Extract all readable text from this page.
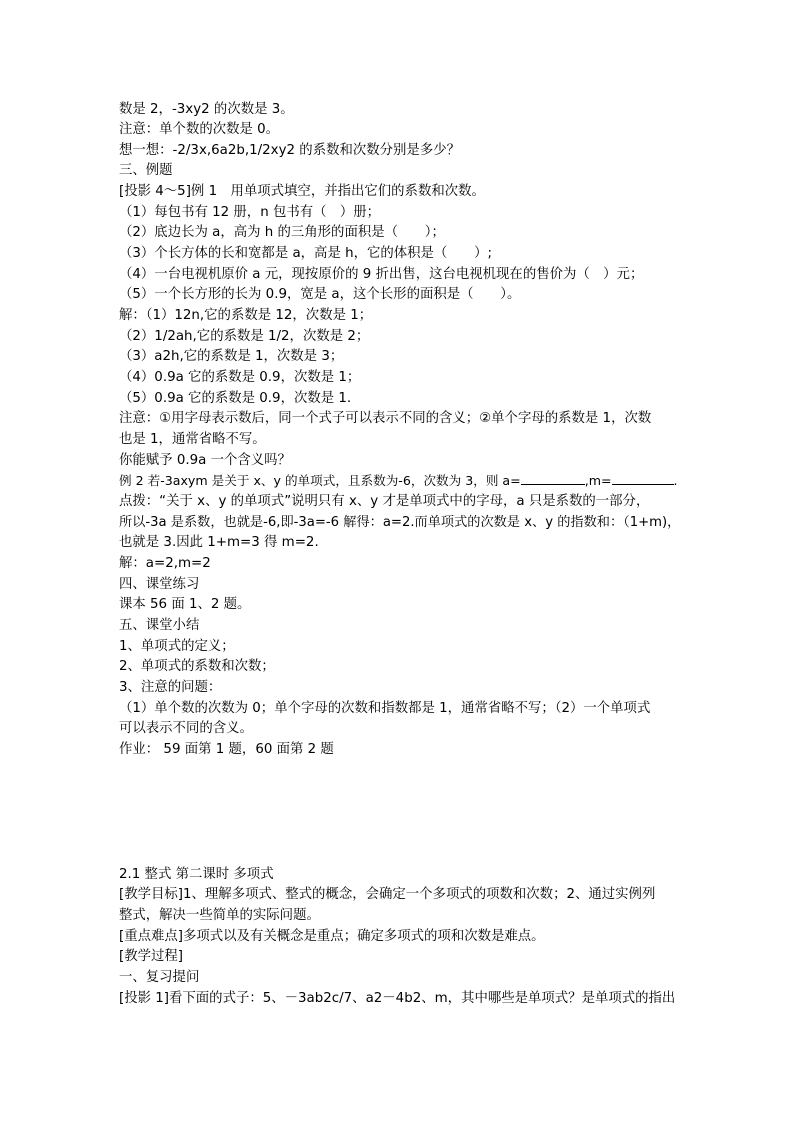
数是 2，-3xy2 的次数是 3。
注意：单个数的次数是 0。
想一想：-2/3x,6a2b,1/2xy2 的系数和次数分别是多少？
三、例题
[投影 4～5]例 1　用单项式填空，并指出它们的系数和次数。
（1）每包书有 12 册，n 包书有（　）册；
（2）底边长为 a，高为 h 的三角形的面积是（　　）；
（3）个长方体的长和宽都是 a，高是 h，它的体积是（　　）;
（4）一台电视机原价 a 元，现按原价的 9 折出售，这台电视机现在的售价为（　）元；
（5）一个长方形的长为 0.9，宽是 a，这个长形的面积是（　　）。
解：（1）12n,它的系数是 12，次数是 1；
（2）1/2ah,它的系数是 1/2，次数是 2；
（3）a2h,它的系数是 1，次数是 3；
（4）0.9a 它的系数是 0.9，次数是 1；
（5）0.9a 它的系数是 0.9，次数是 1.
注意：①用字母表示数后，同一个式子可以表示不同的含义；②单个字母的系数是 1，次数
也是 1，通常省略不写。
你能赋予 0.9a 一个含义吗？
例 2 若-3axym 是关于 x、y 的单项式，且系数为-6，次数为 3，则 a=	,m=	.
点拨：“关于 x、y 的单项式”说明只有 x、y 才是单项式中的字母，a 只是系数的一部分，
所以-3a 是系数，也就是-6,即-3a=-6 解得：a=2.而单项式的次数是 x、y 的指数和：（1+m)，
也就是 3.因此 1+m=3 得 m=2.
解：a=2,m=2
四、课堂练习
课本 56 面 1、2 题。
五、课堂小结
1、单项式的定义；
2、单项式的系数和次数；
3、注意的问题：
（1）单个数的次数为 0；单个字母的次数和指数都是 1，通常省略不写；（2）一个单项式
可以表示不同的含义。
作业： 59 面第 1 题，60 面第 2 题
2.1 整式 第二课时 多项式
[教学目标]1、理解多项式、整式的概念，会确定一个多项式的项数和次数；2、通过实例列
整式，解决一些简单的实际问题。
[重点难点]多项式以及有关概念是重点；确定多项式的项和次数是难点。
[教学过程]
一、复习提问
[投影 1]看下面的式子：5、－3ab2c/7、a2－4b2、m，其中哪些是单项式？是单项式的指出
